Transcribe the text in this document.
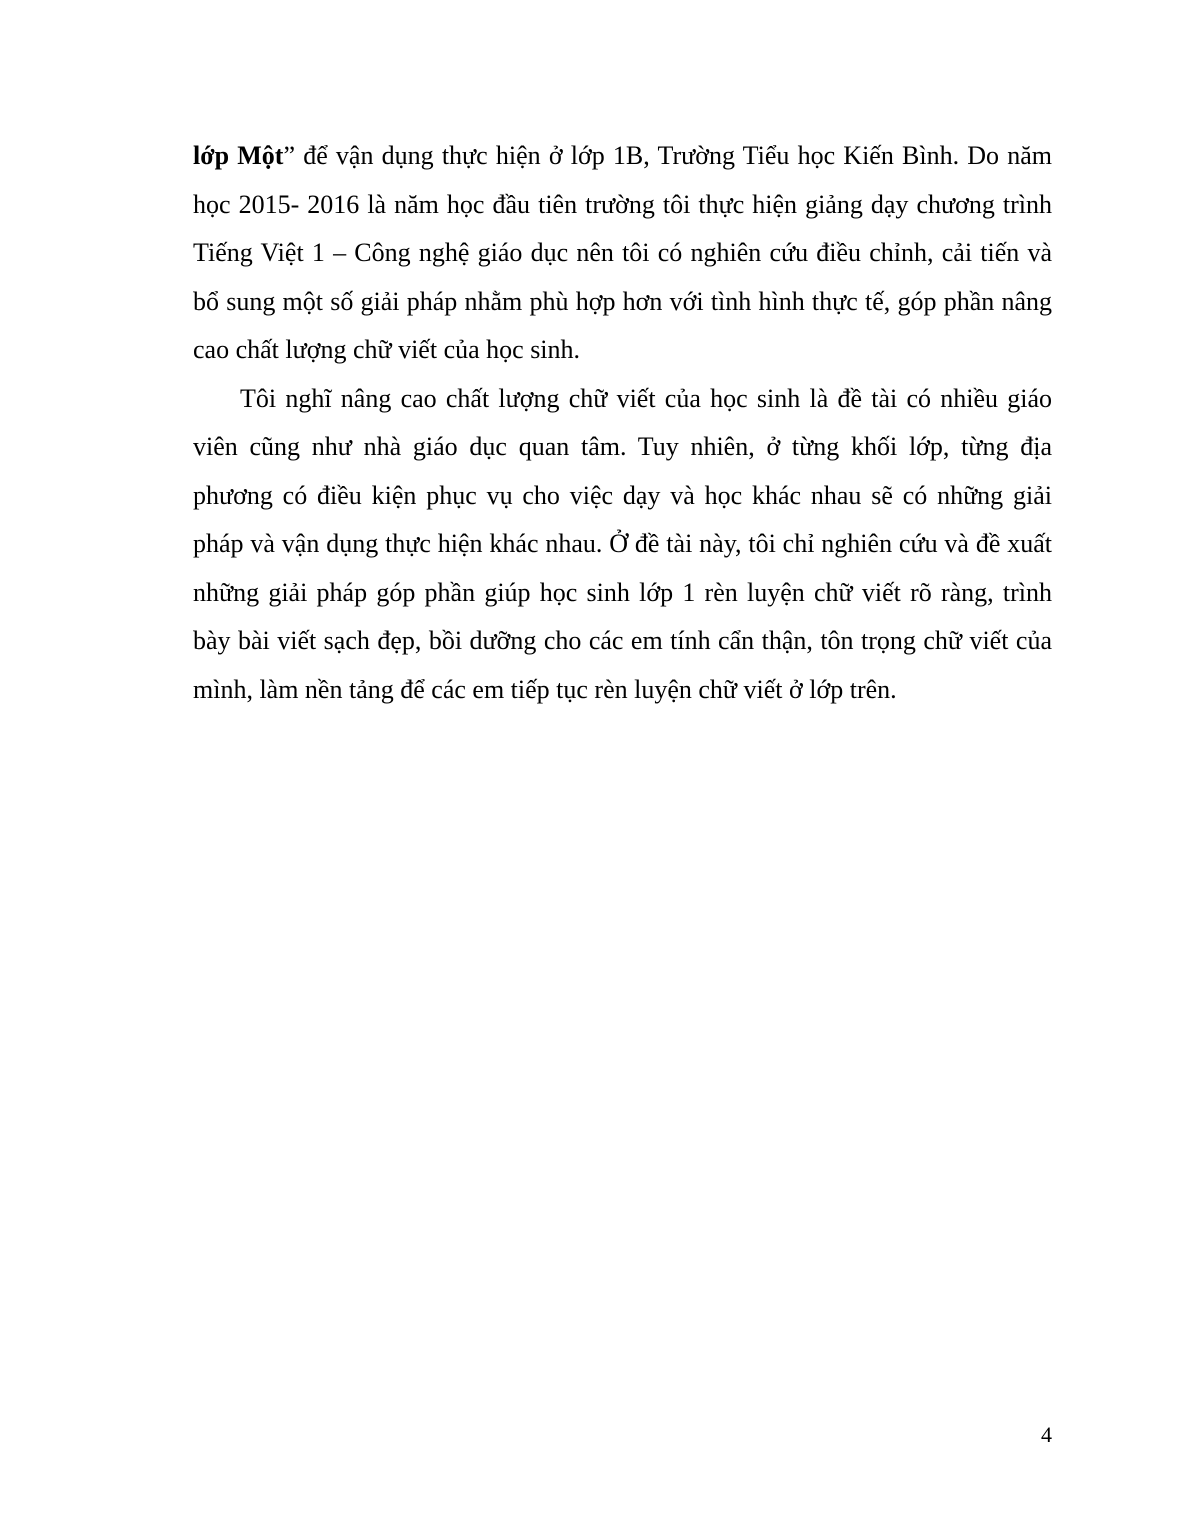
lớp Một” để vận dụng thực hiện ở lớp 1B, Trường Tiểu học Kiến Bình. Do năm học 2015- 2016 là năm học đầu tiên trường tôi thực hiện giảng dạy chương trình Tiếng Việt 1 – Công nghệ giáo dục nên tôi có nghiên cứu điều chỉnh, cải tiến và bổ sung một số giải pháp nhằm phù hợp hơn với tình hình thực tế, góp phần nâng cao chất lượng chữ viết của học sinh.

Tôi nghĩ nâng cao chất lượng chữ viết của học sinh là đề tài có nhiều giáo viên cũng như nhà giáo dục quan tâm. Tuy nhiên, ở từng khối lớp, từng địa phương có điều kiện phục vụ cho việc dạy và học khác nhau sẽ có những giải pháp và vận dụng thực hiện khác nhau. Ở đề tài này, tôi chỉ nghiên cứu và đề xuất những giải pháp góp phần giúp học sinh lớp 1 rèn luyện chữ viết rõ ràng, trình bày bài viết sạch đẹp, bồi dưỡng cho các em tính cẩn thận, tôn trọng chữ viết của mình, làm nền tảng để các em tiếp tục rèn luyện chữ viết ở lớp trên.

4
